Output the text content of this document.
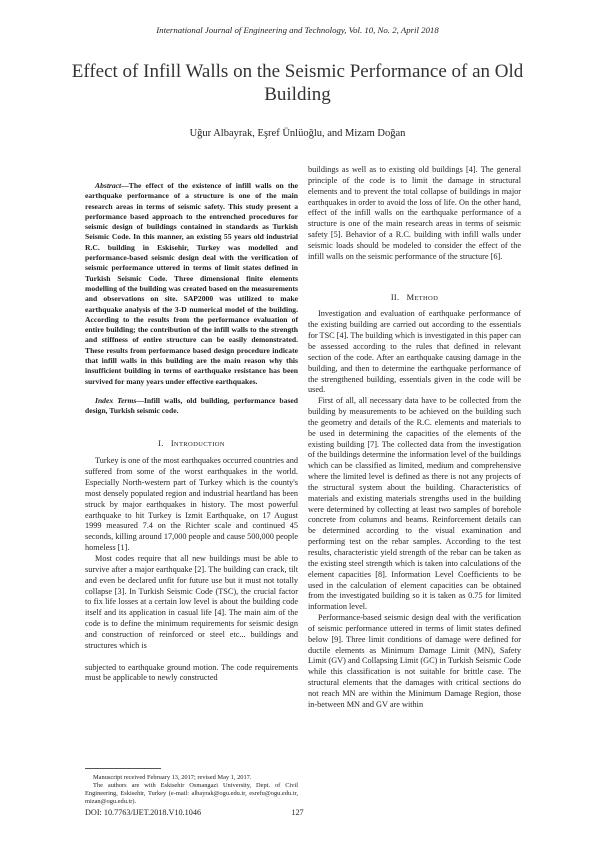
International Journal of Engineering and Technology, Vol. 10, No. 2, April 2018
Effect of Infill Walls on the Seismic Performance of an Old Building
Uğur Albayrak, Eşref Ünlüoğlu, and Mizam Doğan

Abstract—The effect of the existence of infill walls on the earthquake performance of a structure is one of the main research areas in terms of seismic safety. This study present a performance based approach to the entrenched procedures for seismic design of buildings contained in standards as Turkish Seismic Code. In this manner, an existing 55 years old industrial R.C. building in Eskisehir, Turkey was modelled and performance-based seismic design deal with the verification of seismic performance uttered in terms of limit states defined in Turkish Seismic Code. Three dimensional finite elements modelling of the building was created based on the measurements and observations on site. SAP2000 was utilized to make earthquake analysis of the 3-D numerical model of the building. According to the results from the performance evaluation of entire building; the contribution of the infill walls to the strength and stiffness of entire structure can be easily demonstrated. These results from performance based design procedure indicate that infill walls in this building are the main reason why this insufficient building in terms of earthquake resistance has been survived for many years under effective earthquakes.

Index Terms—Infill walls, old building, performance based design, Turkish seismic code.

I. INTRODUCTION

Turkey is one of the most earthquakes occurred countries and suffered from some of the worst earthquakes in the world. Especially North-western part of Turkey which is the county's most densely populated region and industrial heartland has been struck by major earthquakes in history. The most powerful earthquake to hit Turkey is Izmit Earthquake, on 17 August 1999 measured 7.4 on the Richter scale and continued 45 seconds, killing around 17,000 people and cause 500,000 people homeless [1].

Most codes require that all new buildings must be able to survive after a major earthquake [2]. The building can crack, tilt and even be declared unfit for future use but it must not totally collapse [3]. In Turkish Seismic Code (TSC), the crucial factor to fix life losses at a certain low level is about the building code itself and its application in casual life [4]. The main aim of the code is to define the minimum requirements for seismic design and construction of reinforced or steel etc... buildings and structures which is

subjected to earthquake ground motion. The code requirements must be applicable to newly constructed

buildings as well as to existing old buildings [4]. The general principle of the code is to limit the damage in structural elements and to prevent the total collapse of buildings in major earthquakes in order to avoid the loss of life. On the other hand, effect of the infill walls on the earthquake performance of a structure is one of the main research areas in terms of seismic safety [5]. Behavior of a R.C. building with infill walls under seismic loads should be modeled to consider the effect of the infill walls on the seismic performance of the structure [6].

II. METHOD

Investigation and evaluation of earthquake performance of the existing building are carried out according to the essentials for TSC [4]. The building which is investigated in this paper can be assessed according to the rules that defined in relevant section of the code. After an earthquake causing damage in the building, and then to determine the earthquake performance of the strengthened building, essentials given in the code will be used.

First of all, all necessary data have to be collected from the building by measurements to be achieved on the building such the geometry and details of the R.C. elements and materials to be used in determining the capacities of the elements of the existing building [7]. The collected data from the investigation of the buildings determine the information level of the buildings which can be classified as limited, medium and comprehensive where the limited level is defined as there is not any projects of the structural system about the building. Characteristics of materials and existing materials strengths used in the building were determined by collecting at least two samples of borehole concrete from columns and beams. Reinforcement details can be determined according to the visual examination and performing test on the rebar samples. According to the test results, characteristic yield strength of the rebar can be taken as the existing steel strength which is taken into calculations of the element capacities [8]. Information Level Coefficients to be used in the calculation of element capacities can be obtained from the investigated building so it is taken as 0.75 for limited information level.

Performance-based seismic design deal with the verification of seismic performance uttered in terms of limit states defined below [9]. Three limit conditions of damage were defined for ductile elements as Minimum Damage Limit (MN), Safety Limit (GV) and Collapsing Limit (GC) in Turkish Seismic Code while this classification is not suitable for brittle case. The structural elements that the damages with critical sections do not reach MN are within the Minimum Damage Region, those in-between MN and GV are within

Manuscript received February 13, 2017; revised May 1, 2017.

The authors are with Eskisehir Osmangazi University, Dept. of Civil Engineering, Eskisehir, Turkey (e-mail: albayrak@ogu.edu.tr, esrefu@ogu.edu.tr, mizan@ogu.edu.tr).

DOI: 10.7763/IJET.2018.V10.1046	127
